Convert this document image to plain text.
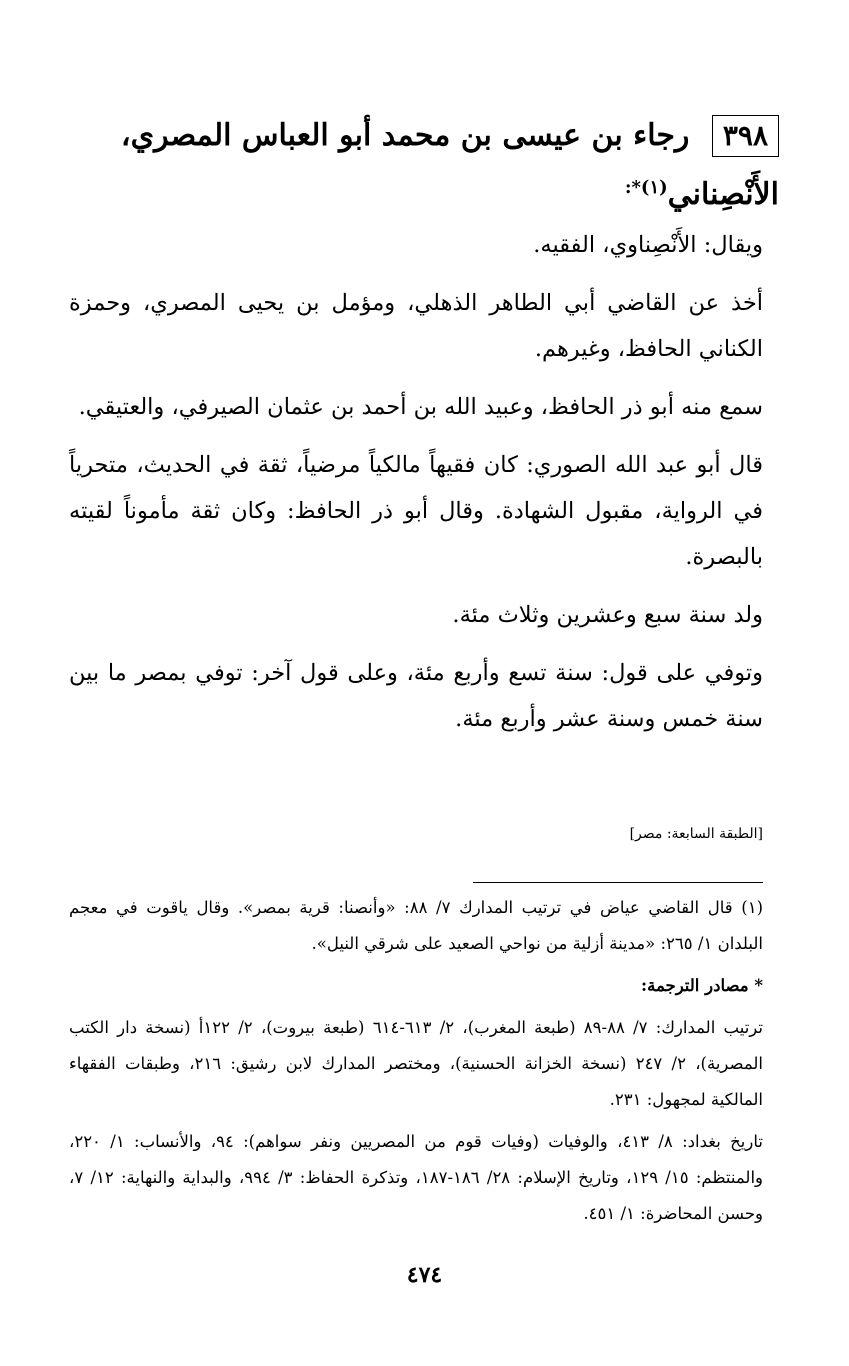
٣٩٨ رجاء بن عيسى بن محمد أبو العباس المصري، الأَنْصِناني$^{(١)*:}$

ويقال: الأَنْصِناوي، الفقيه.

أخذ عن القاضي أبي الطاهر الذهلي، ومؤمل بن يحيى المصري، وحمزة الكناني الحافظ، وغيرهم.

سمع منه أبو ذر الحافظ، وعبيد الله بن أحمد بن عثمان الصيرفي، والعتيقي.

قال أبو عبد الله الصوري: كان فقيهاً مالكياً مرضياً، ثقة في الحديث، متحرياً في الرواية، مقبول الشهادة. وقال أبو ذر الحافظ: وكان ثقة مأموناً لقيته بالبصرة.

ولد سنة سبع وعشرين وثلاث مئة.

وتوفي على قول: سنة تسع وأربع مئة، وعلى قول آخر: توفي بمصر ما بين سنة خمس وسنة عشر وأربع مئة.

[الطبقة السابعة: مصر]

(١) قال القاضي عياض في ترتيب المدارك ٧/ ٨٨: «وأنصنا: قرية بمصر». وقال ياقوت في معجم البلدان ١/ ٢٦٥: «مدينة أزلية من نواحي الصعيد على شرقي النيل».

* مصادر الترجمة:

ترتيب المدارك: ٧/ ٨٨-٨٩ (طبعة المغرب)، ٢/ ٦١٣-٦١٤ (طبعة بيروت)، ٢/ ١٢٢أ (نسخة دار الكتب المصرية)، ٢/ ٢٤٧ (نسخة الخزانة الحسنية)، ومختصر المدارك لابن رشيق: ٢١٦، وطبقات الفقهاء المالكية لمجهول: ٢٣١.

تاريخ بغداد: ٨/ ٤١٣، والوفيات (وفيات قوم من المصريين ونفر سواهم): ٩٤، والأنساب: ١/ ٢٢٠، والمنتظم: ١٥/ ١٢٩، وتاريخ الإسلام: ٢٨/ ١٨٦-١٨٧، وتذكرة الحفاظ: ٣/ ٩٩٤، والبداية والنهاية: ١٢/ ٧، وحسن المحاضرة: ١/ ٤٥١.

٤٧٤
